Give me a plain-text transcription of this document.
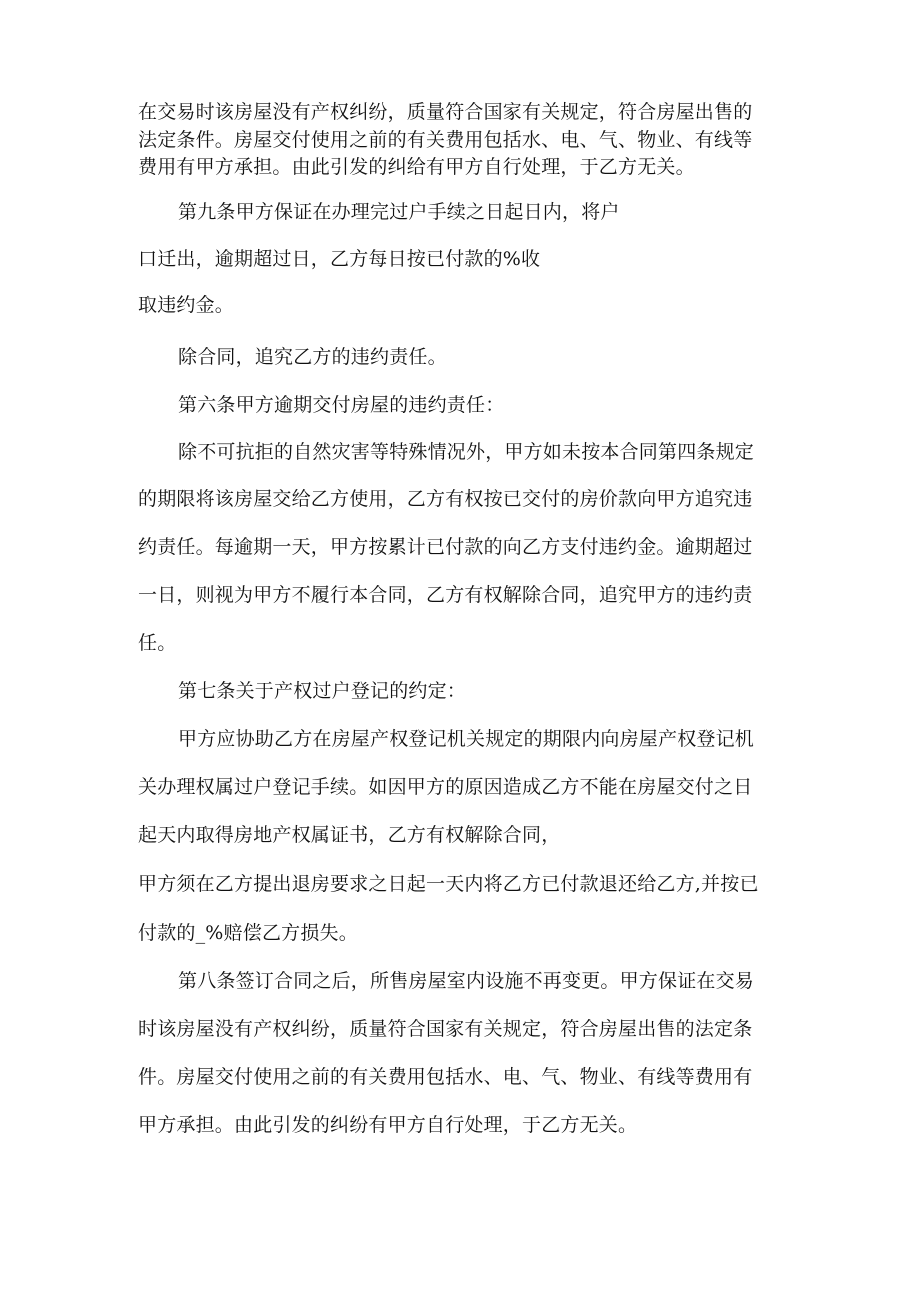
在交易时该房屋没有产权纠纷，质量符合国家有关规定，符合房屋出售的

法定条件。房屋交付使用之前的有关费用包括水、电、气、物业、有线等

费用有甲方承担。由此引发的纠给有甲方自行处理，于乙方无关。

第九条甲方保证在办理完过户手续之日起日内，将户

口迁出，逾期超过日，乙方每日按已付款的%收

取违约金。

除合同，追究乙方的违约责任。

第六条甲方逾期交付房屋的违约责任：

除不可抗拒的自然灾害等特殊情况外，甲方如未按本合同第四条规定

的期限将该房屋交给乙方使用，乙方有权按已交付的房价款向甲方追究违

约责任。每逾期一天，甲方按累计已付款的向乙方支付违约金。逾期超过

一日，则视为甲方不履行本合同，乙方有权解除合同，追究甲方的违约责

任。

第七条关于产权过户登记的约定：

甲方应协助乙方在房屋产权登记机关规定的期限内向房屋产权登记机

关办理权属过户登记手续。如因甲方的原因造成乙方不能在房屋交付之日

起天内取得房地产权属证书，乙方有权解除合同，

甲方须在乙方提出退房要求之日起一天内将乙方已付款退还给乙方,并按已

付款的_%赔偿乙方损失。

第八条签订合同之后，所售房屋室内设施不再变更。甲方保证在交易

时该房屋没有产权纠纷，质量符合国家有关规定，符合房屋出售的法定条

件。房屋交付使用之前的有关费用包括水、电、气、物业、有线等费用有

甲方承担。由此引发的纠纷有甲方自行处理，于乙方无关。
